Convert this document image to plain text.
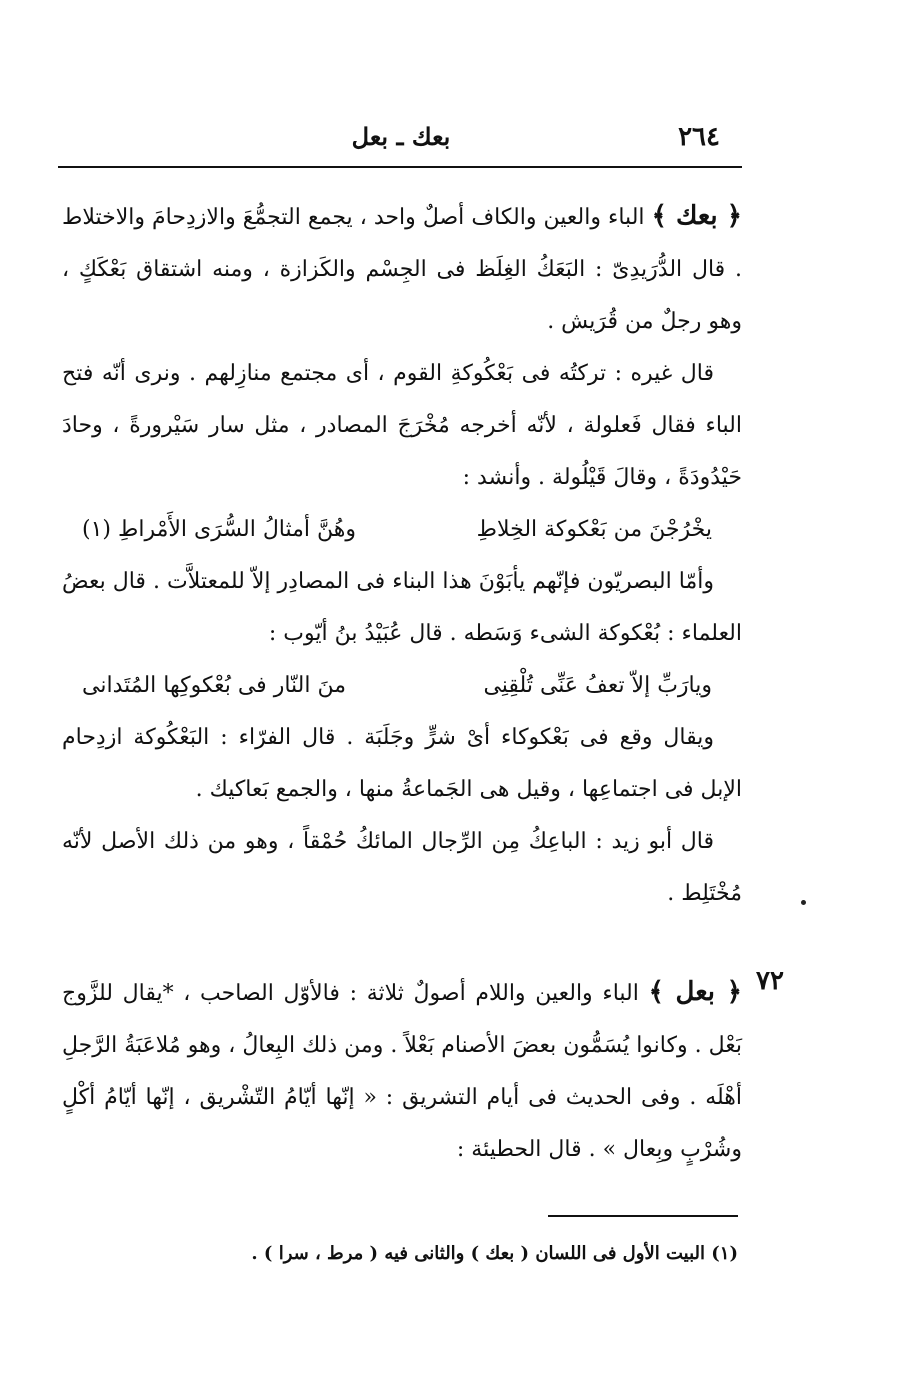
٢٦٤
بعك ـ بعل

﴿ بعك ﴾ الباء والعين والكاف أصلٌ واحد ، يجمع التجمُّعَ والازدِحامَ والاختلاط . قال الدُّرَيدِىّ : البَعَكُ الغِلَظ فى الجِسْم والكَزازة ، ومنه اشتقاق بَعْكَكٍ ، وهو رجلٌ من قُرَيش .

قال غيره : تركتُه فى بَعْكُوكةِ القوم ، أى مجتمع منازِلهم . ونرى أنّه فتح الباء فقال فَعلولة ، لأنّه أخرجه مُخْرَجَ المصادر ، مثل سار سَيْرورةً ، وحادَ حَيْدُودَةً ، وقالَ قَيْلُولة . وأنشد :

يخْرُجْنَ من بَعْكوكة الخِلاطِ
وهُنَّ أمثالُ السُّرَى الأَمْراطِ (١)

وأمّا البصريّون فإنّهم يأبَوْنَ هذا البناء فى المصادِر إلاّ للمعتلاَّت . قال بعضُ العلماء : بُعْكوكة الشىء وَسَطه . قال عُبَيْدُ بنُ أيّوب :

ويارَبِّ إلاّ تعفُ عَنِّى تُلْقِنِى
منَ النّار فى بُعْكوكِها المُتَدانى

ويقال وقع فى بَعْكوكاء أىْ شرٍّ وجَلَبَة . قال الفرّاء : البَعْكُوكة ازدِحام الإبل فى اجتماعِها ، وقيل هى الجَماعةُ منها ، والجمع بَعاكيك .

قال أبو زيد : الباعِكُ مِن الرِّجال المائكُ حُمْقاً ، وهو من ذلك الأصل لأنّه مُخْتَلِط .

٧٢

﴿ بعل ﴾ الباء والعين واللام أصولٌ ثلاثة : فالأوّل الصاحب ، *يقال للزَّوج بَعْل . وكانوا يُسَمُّون بعضَ الأصنام بَعْلاً . ومن ذلك البِعالُ ، وهو مُلاعَبَةُ الرَّجلِ أهْلَه . وفى الحديث فى أيام التشريق : « إنّها أيّامُ التّشْريق ، إنّها أيّامُ أكْلٍ وشُرْبٍ وبِعال » . قال الحطيئة :

(١) البيت الأول فى اللسان ( بعك ) والثانى فيه ( مرط ، سرا ) .
